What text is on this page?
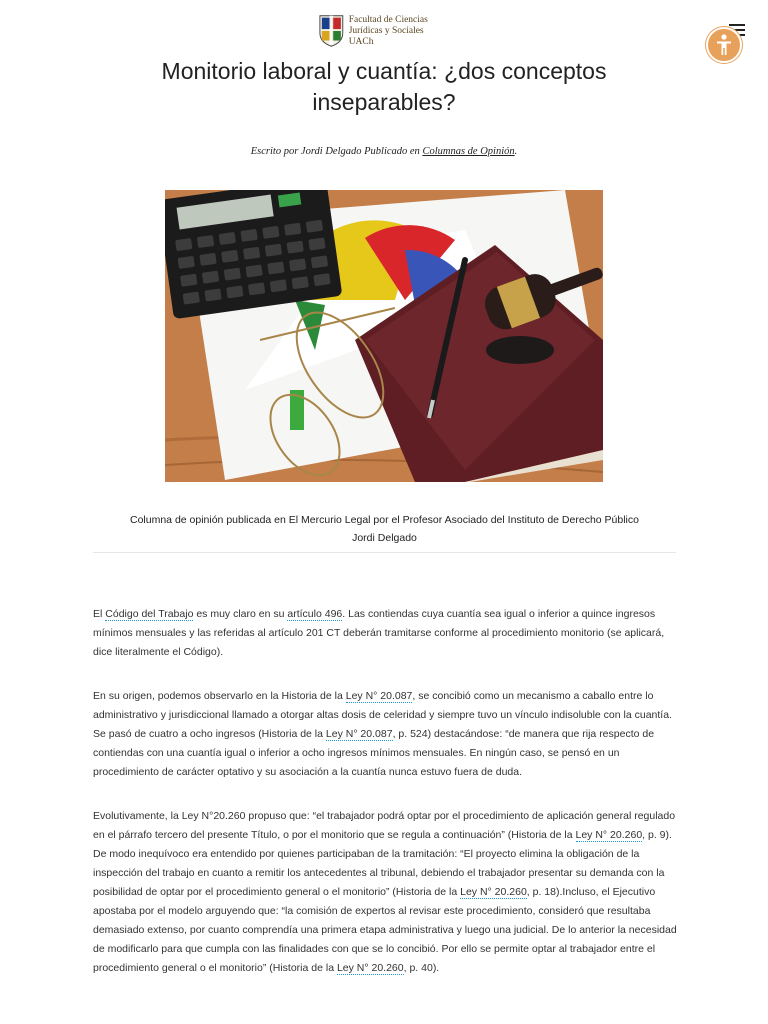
Facultad de Ciencias
Jurídicas y Sociales UACh
Monitorio laboral y cuantía: ¿dos conceptos inseparables?
Escrito por Jordi Delgado Publicado en Columnas de Opinión.
Columna de opinión publicada en El Mercurio Legal por el Profesor Asociado del Instituto de Derecho Público
Jordi Delgado

El Código del Trabajo es muy claro en su artículo 496. Las contiendas cuya cuantía sea igual o inferior a quince ingresos mínimos mensuales y las referidas al artículo 201 CT deberán tramitarse conforme al procedimiento monitorio (se aplicará, dice literalmente el Código).

En su origen, podemos observarlo en la Historia de la Ley N° 20.087, se concibió como un mecanismo a caballo entre lo administrativo y jurisdiccional llamado a otorgar altas dosis de celeridad y siempre tuvo un vínculo indisoluble con la cuantía. Se pasó de cuatro a ocho ingresos (Historia de la Ley N° 20.087, p. 524) destacándose: “de manera que rija respecto de contiendas con una cuantía igual o inferior a ocho ingresos mínimos mensuales. En ningún caso, se pensó en un procedimiento de carácter optativo y su asociación a la cuantía nunca estuvo fuera de duda.

Evolutivamente, la Ley N°20.260 propuso que: “el trabajador podrá optar por el procedimiento de aplicación general regulado en el párrafo tercero del presente Título, o por el monitorio que se regula a continuación” (Historia de la Ley N° 20.260, p. 9). De modo inequívoco era entendido por quienes participaban de la tramitación: “El proyecto elimina la obligación de la inspección del trabajo en cuanto a remitir los antecedentes al tribunal, debiendo el trabajador presentar su demanda con la posibilidad de optar por el procedimiento general o el monitorio” (Historia de la Ley N° 20.260, p. 18).Incluso, el Ejecutivo apostaba por el modelo arguyendo que: “la comisión de expertos al revisar este procedimiento, consideró que resultaba demasiado extenso, por cuanto comprendía una primera etapa administrativa y luego una judicial. De lo anterior la necesidad de modificarlo para que cumpla con las finalidades con que se lo concibió. Por ello se permite optar al trabajador entre el procedimiento general o el monitorio” (Historia de la Ley N° 20.260, p. 40).
